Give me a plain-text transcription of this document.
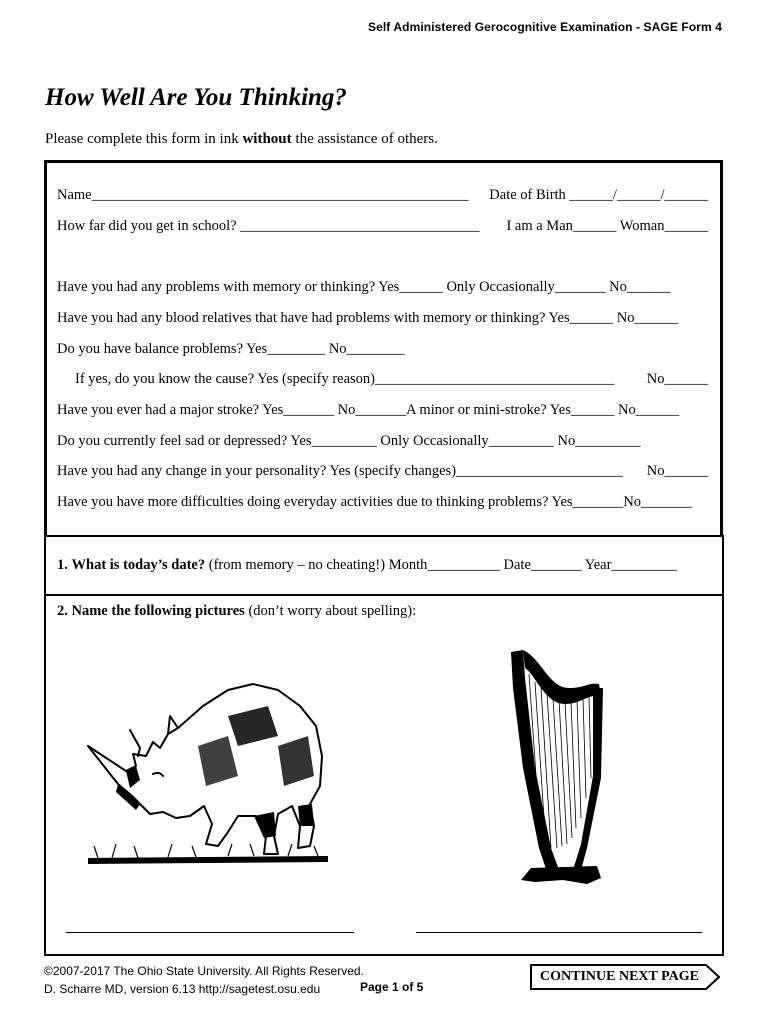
Self Administered Gerocognitive Examination - SAGE Form 4
How Well Are You Thinking?
Please complete this form in ink without the assistance of others.
Name____________________________________________________ Date of Birth ______/______/______
How far did you get in school? _________________________________ I am a Man______ Woman______
Have you had any problems with memory or thinking? Yes______ Only Occasionally_______ No______
Have you had any blood relatives that have had problems with memory or thinking? Yes______ No______
Do you have balance problems? Yes________ No________
If yes, do you know the cause? Yes (specify reason)_________________________________ No______
Have you ever had a major stroke? Yes_______ No_______A minor or mini-stroke? Yes______ No______
Do you currently feel sad or depressed? Yes_________ Only Occasionally_________ No_________
Have you had any change in your personality? Yes (specify changes)_______________________ No______
Have you have more difficulties doing everyday activities due to thinking problems? Yes_______No_______
1. What is today’s date? (from memory – no cheating!) Month__________ Date_______ Year_________
2. Name the following pictures (don’t worry about spelling):
©2007-2017 The Ohio State University. All Rights Reserved.
D. Scharre MD, version 6.13 http://sagetest.osu.edu	Page 1 of 5
CONTINUE NEXT PAGE
